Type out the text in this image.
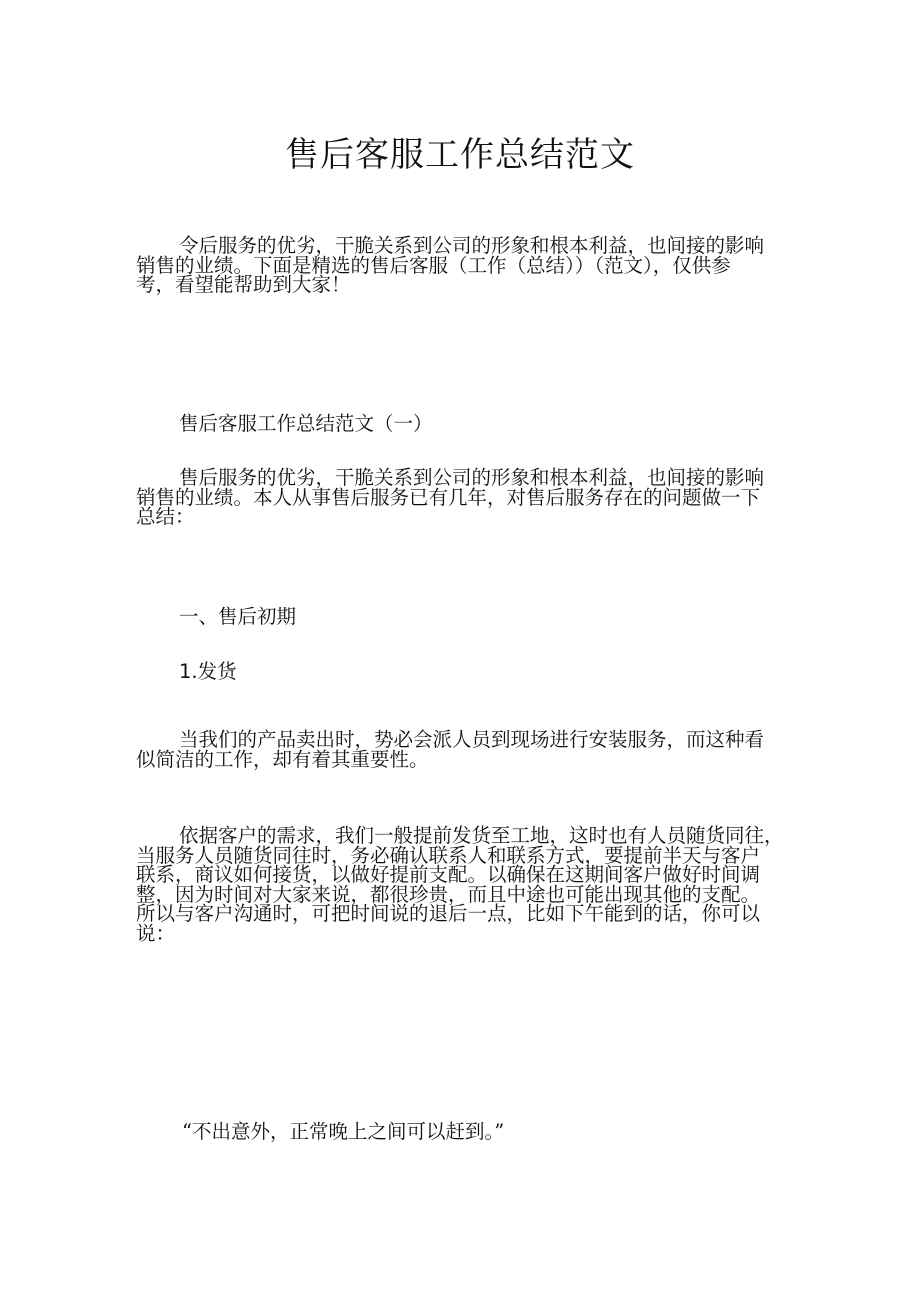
售后客服工作总结范文
令后服务的优劣，干脆关系到公司的形象和根本利益，也间接的影响
销售的业绩。下面是精选的售后客服（工作（总结））（范文），仅供参
考，看望能帮助到大家！
售后客服工作总结范文（一）
售后服务的优劣，干脆关系到公司的形象和根本利益，也间接的影响
销售的业绩。本人从事售后服务已有几年，对售后服务存在的问题做一下
总结：
一、售后初期
1.发货
当我们的产品卖出时，势必会派人员到现场进行安装服务，而这种看
似简洁的工作，却有着其重要性。
依据客户的需求，我们一般提前发货至工地，这时也有人员随货同往，
当服务人员随货同往时，务必确认联系人和联系方式，要提前半天与客户
联系，商议如何接货，以做好提前支配。以确保在这期间客户做好时间调
整，因为时间对大家来说，都很珍贵，而且中途也可能出现其他的支配。
所以与客户沟通时，可把时间说的退后一点，比如下午能到的话，你可以
说：
“不出意外，正常晚上之间可以赶到。”
